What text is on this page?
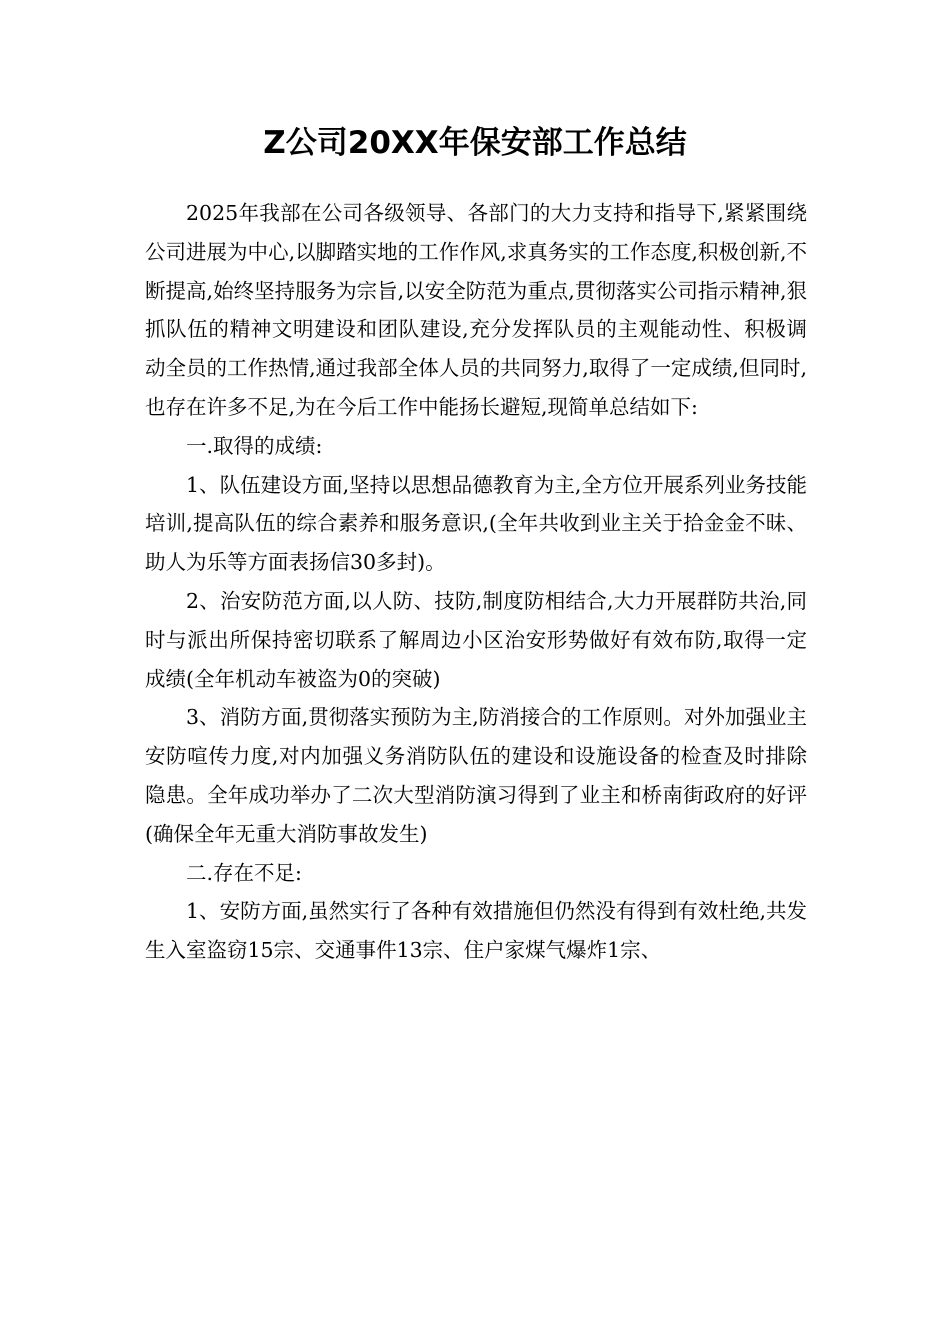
Z公司20XX年保安部工作总结

2025年我部在公司各级领导、各部门的大力支持和指导下,紧紧围绕公司进展为中心,以脚踏实地的工作作风,求真务实的工作态度,积极创新,不断提高,始终坚持服务为宗旨,以安全防范为重点,贯彻落实公司指示精神,狠抓队伍的精神文明建设和团队建设,充分发挥队员的主观能动性、积极调动全员的工作热情,通过我部全体人员的共同努力,取得了一定成绩,但同时,也存在许多不足,为在今后工作中能扬长避短,现简单总结如下:

一.取得的成绩:

1、队伍建设方面,坚持以思想品德教育为主,全方位开展系列业务技能培训,提高队伍的综合素养和服务意识,(全年共收到业主关于拾金金不昧、助人为乐等方面表扬信30多封)。

2、治安防范方面,以人防、技防,制度防相结合,大力开展群防共治,同时与派出所保持密切联系了解周边小区治安形势做好有效布防,取得一定成绩(全年机动车被盗为0的突破)

3、消防方面,贯彻落实预防为主,防消接合的工作原则。对外加强业主安防喧传力度,对内加强义务消防队伍的建设和设施设备的检查及时排除隐患。全年成功举办了二次大型消防演习得到了业主和桥南街政府的好评(确保全年无重大消防事故发生)

二.存在不足:

1、安防方面,虽然实行了各种有效措施但仍然没有得到有效杜绝,共发生入室盗窃15宗、交通事件13宗、住户家煤气爆炸1宗、
